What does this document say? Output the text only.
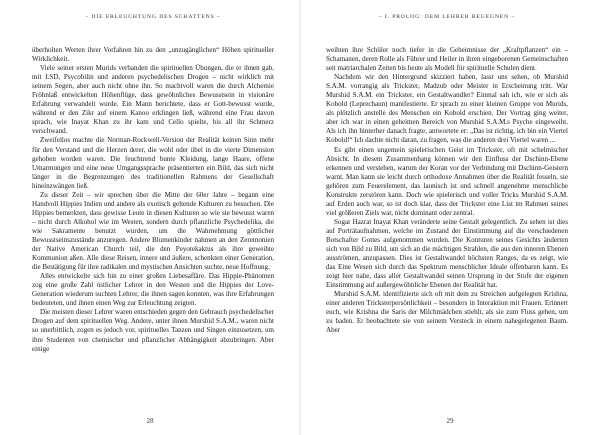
– DIE ERLEUCHTUNG DES SCHATTENS –

überholten Werten ihrer Vorfahren hin zu den „unzugänglichen“ Höhen spiritueller Wirklichkeit.

Viele seiner ersten Murids verbanden die spirituellen Übungen, die er ihnen gab, mit LSD, Psycobilin und anderen psychedelischen Drogen – nicht wirklich mit seinem Segen, aber auch nicht ohne ihn. So machtvoll waren die durch Alchemie Fröhnlaß entwickelten Höhenflüge, dass gewöhnliches Bewusstsein in visionäre Erfahrung verwandelt wurde. Ein Mann berichtete, dass er Gott-bewusst wurde, während er den Zikr auf einem Kanoo erklingen ließ, während eine Frau davon sprach, wie Inayat Khan zu ihr kam und Cello spielte, bis all ihr Schmerz verschwand.

Zweifellos machte die Norman-Rockwell-Version der Realität keinen Sinn mehr für den Verstand und die Herzen derer, die wohl oder übel in die vierte Dimension gehoben worden waren. Die feuchtrend bunte Kleidung, lange Haare, offene Umarmungen und eine neue Umgangssprache präsentierten ein Bild, das sich nicht länger in die Begrenzungen des traditionellen Rahmens der Gesellschaft hineinzwängen ließ.

Zu dieser Zeit – wir sprechen über die Mitte der 60er Jahre – begann eine Handvoll Hippies Indien und andere als exotisch geltende Kulturen zu besuchen. Die Hippies bemerkten, dass gewisse Leute in diesen Kulturen so wie sie bewusst waren – nicht durch Alkohol wie im Westen, sondern durch pflanzliche Psychedelika, die wie Sakramente benutzt wurden, um die Wahrnehmung göttlicher Bewusstseinszustände anzuregen. Andere Blumenkinder nahmen an den Zeremonien der Native American Church teil, die den Peyotekaktus als ihre geweihte Kommunion aßen. Alle diese Reisen, innere und äußere, schenkten einer Generation, die Bestätigung für ihre radikalen und mystischen Ansichten suchte, neue Hoffnung.

Alles entwickelte sich hin zu einer großen Liebesaffäre. Das Hippie-Phänomen zog eine große Zahl östlicher Lehrer in den Westen und die Hippies der Love-Generation wiederum suchten Lehrer, die ihnen sagen konnten, was ihre Erfahrungen bedeuteten, und ihnen einen Weg zur Erleuchtung zeigten.

Die meisten dieser Lehrer waren entschieden gegen den Gebrauch psychedelischer Drogen auf dem spirituellen Weg. Andere, unter ihnen Murshid S.A.M., waren nicht so unerbittlich, zogen es jedoch vor, spirituelles Tanzen und Singen einzusetzen, um ihre Studenten von chemischer und pflanzlicher Abhängigkeit abzubringen. Aber einige

28
– I. PROLOG: DEM LEHRER BEGEGNEN –

weihten ihre Schüler noch tiefer in die Geheimnisse der „Kraftpflanzen“ ein – Schamanen, deren Rolle als Führer und Heiler in ihren eingeborenen Gemeinschaften seit matriarchalen Zeiten bis heute als Modell für spirituelle Schulen dient.

Nachdem wir den Hintergrund skizziert haben, lasst uns sehen, ob Murshid S.A.M. vorrangig als Trickster, Madzub oder Meister in Erscheinung tritt. War Murshid S.A.M. ein Trickster, ein Gestaltwandler? Einmal sah ich, wie er sich als Kobold (Leprechaun) manifestierte. Er sprach zu einer kleinen Gruppe von Murids, als plötzlich anstelle des Menschen ein Kobold erschien. Der Vortrag ging weiter, aber ich war in einen geheimen Bereich von Murshid S.A.M.s Psyche eingeweiht. Als ich ihn hinterher danach fragte, antwortete er: „Das ist richtig, ich bin ein Viertel Kobold!“ Ich dachte nicht daran, zu fragen, was die anderen drei Viertel waren ...

Es gibt einen ungemein spielerischen Geist im Trickster, oft mit schelmischer Absicht. In diesem Zusammenhang können wir den Einfluss der Dschinn-Ebene erkennen und verstehen, warum der Koran vor der Verbindung mit Dschinn-Geistern warnt. Man kann sie leicht durch orthodoxe Annahmen über die Realität fesseln, sie gehören zum Feuerelement, das launisch ist und schnell angenehme menschliche Konstrukte zerstören kann. Doch wie spielerisch und voller Tricks Murshid S.A.M. auf Erden auch war, so ist doch klar, dass der Trickster eine List im Rahmen seines viel größeren Ziels war, nicht dominant oder zentral.

Sogar Hazrat Inayat Khan veränderte seine Gestalt gelegentlich. Zu sehen ist dies auf Porträtaufnahmen, welche im Zustand der Einstimmung auf die verschiedenen Botschafter Gottes aufgenommen wurden. Die Konturen seines Gesichts änderten sich von Bild zu Bild, um sich an die mächtigen Strahlen, die aus den inneren Ebenen ausströmen, anzupassen. Dies ist Gestaltwandel höchsten Ranges, da es zeigt, wie das Eine Wesen sich durch das Spektrum menschlicher Ideale offenbaren kann. Es zeigt hier nahe, dass aller Gestaltwandel seinen Ursprung in der Stufe der eigenen Einstimmung auf außergewöhnliche Ebenen der Realität hat.

Murshid S.A.M. identifizierte sich oft mit dem zu Streichen aufgelegten Krishna, einer anderen Tricksterpersönlichkeit – besonders in Interaktion mit Frauen. Erinnert euch, wie Krishna die Saris der Milchmädchen stiehlt, als sie zum Fluss gehen, um zu baden. Er beobachtete sie von seinem Versteck in einem nahegelegenen Baum. Aber

29
